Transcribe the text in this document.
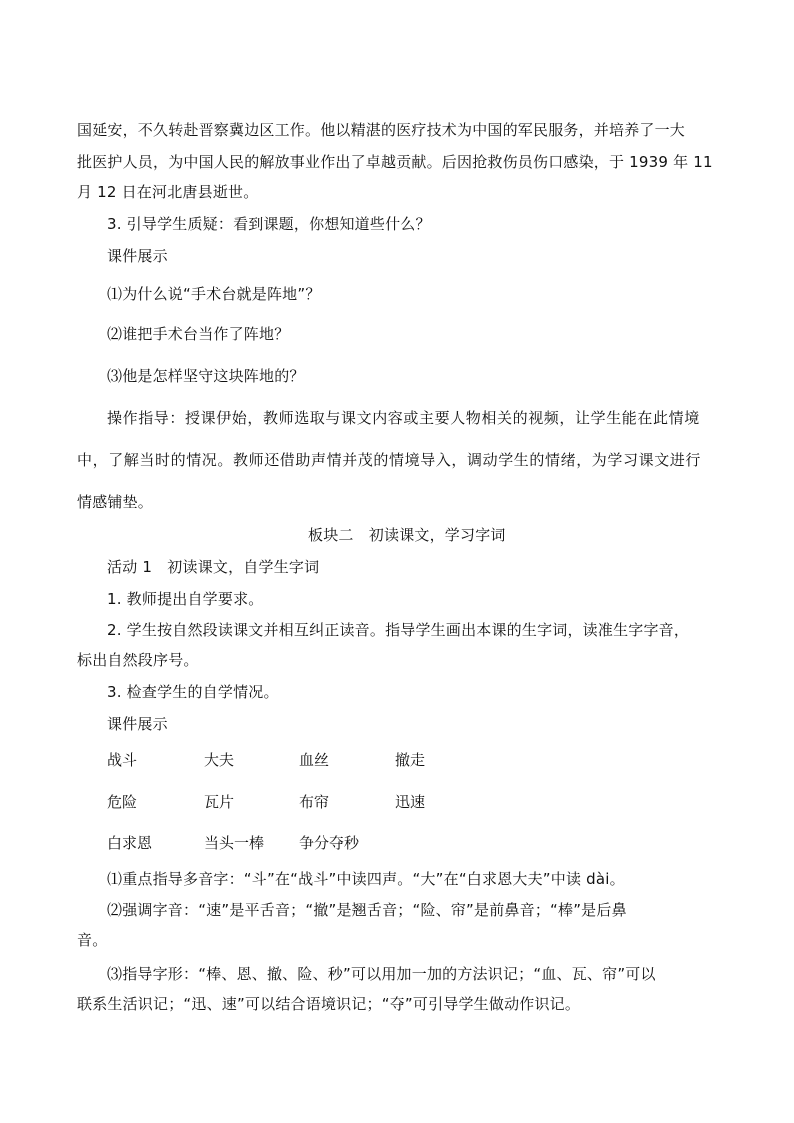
国延安，不久转赴晋察冀边区工作。他以精湛的医疗技术为中国的军民服务，并培养了一大

批医护人员，为中国人民的解放事业作出了卓越贡献。后因抢救伤员伤口感染，于 1939 年 11

月 12 日在河北唐县逝世。

3. 引导学生质疑：看到课题，你想知道些什么？

课件展示

⑴为什么说“手术台就是阵地”？

⑵谁把手术台当作了阵地？

⑶他是怎样坚守这块阵地的？

操作指导：授课伊始，教师选取与课文内容或主要人物相关的视频，让学生能在此情境

中，了解当时的情况。教师还借助声情并茂的情境导入，调动学生的情绪，为学习课文进行

情感铺垫。

板块二　初读课文，学习字词

活动 1　初读课文，自学生字词

1. 教师提出自学要求。

2. 学生按自然段读课文并相互纠正读音。指导学生画出本课的生字词，读准生字字音，

标出自然段序号。

3. 检查学生的自学情况。

课件展示

战斗	大夫	血丝	撤走
危险	瓦片	布帘	迅速
白求恩	当头一棒 争分夺秒

⑴重点指导多音字：“斗”在“战斗”中读四声。“大”在“白求恩大夫”中读 dài。

⑵强调字音：“速”是平舌音；“撤”是翘舌音；“险、帘”是前鼻音；“棒”是后鼻

音。

⑶指导字形：“棒、恩、撤、险、秒”可以用加一加的方法识记；“血、瓦、帘”可以

联系生活识记；“迅、速”可以结合语境识记；“夺”可引导学生做动作识记。
